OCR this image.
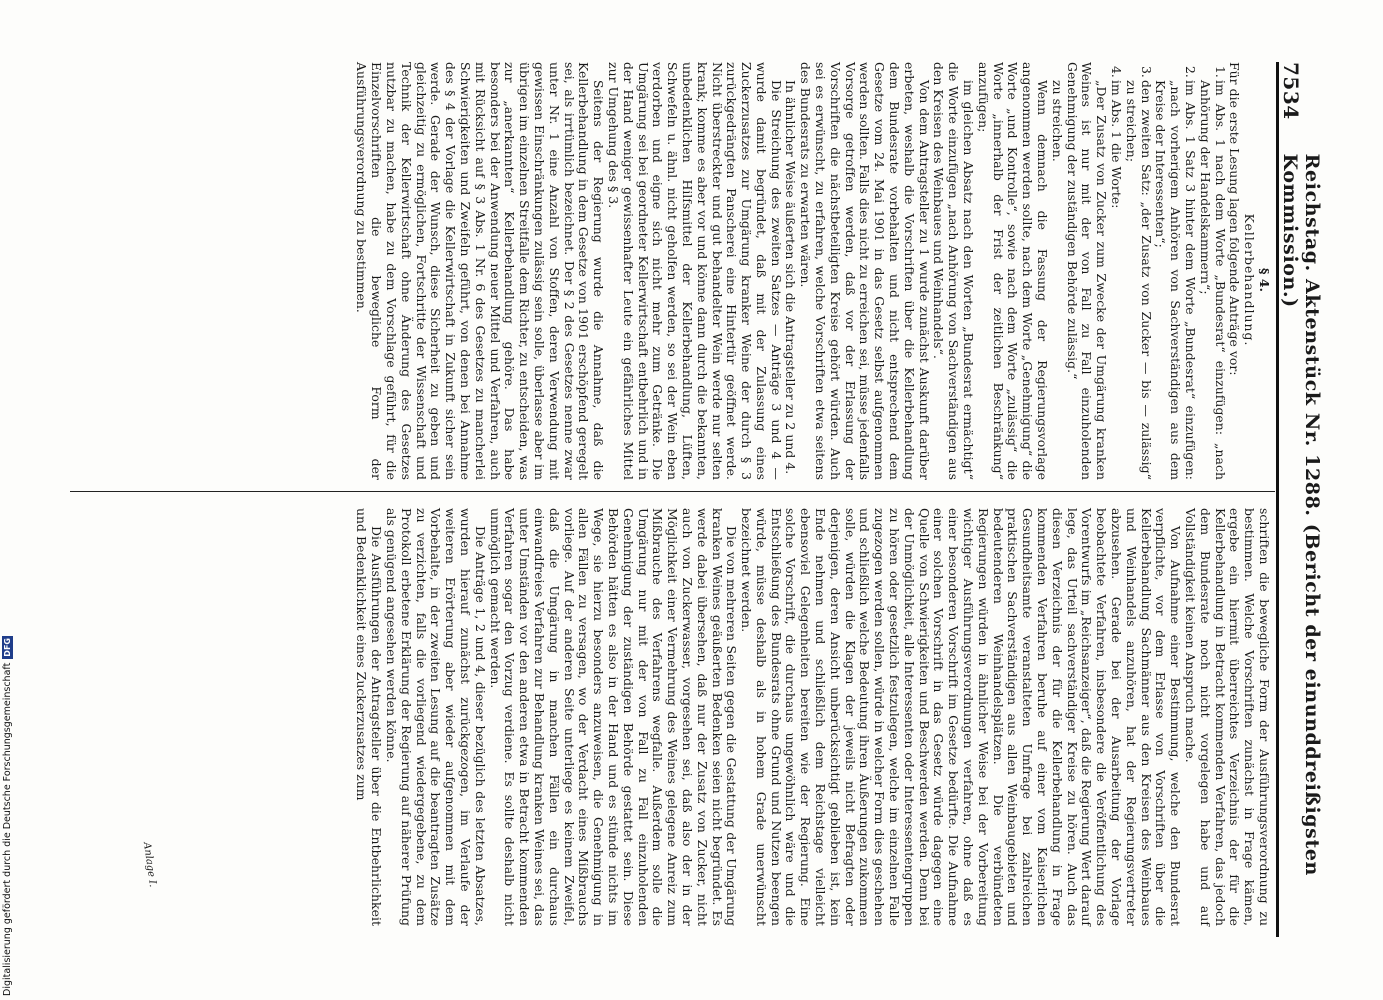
7534
Reichstag. Aktenstück Nr. 1288. (Bericht der einunddreißigsten Kommission.)

§ 4.

Kellerbehandlung.

Für die erste Lesung lagen folgende Anträge vor:

1.im Abs. 1 nach dem Worte „Bundesrat“ einzufügen: „nach Anhörung der Handelskammern“;
2.im Abs. 1 Satz 3 hinter dem Worte „Bundesrat“ einzufügen: „nach vorherigem Anhören von Sachverständigen aus dem Kreise der Interessenten“;
3.den zweiten Satz: „der Zusatz von Zucker — bis — zulässig“ zu streichen;
4.im Abs. 1 die Worte:

„Der Zusatz von Zucker zum Zwecke der Umgärung kranken Weines ist nur mit der von Fall zu Fall einzuholenden Genehmigung der zuständigen Behörde zulässig.“

zu streichen.

Wenn demnach die Fassung der Regierungsvorlage angenommen werden sollte, nach dem Worte „Genehmigung“ die Worte „und Kontrolle“, sowie nach dem Worte „zulässig“ die Worte „innerhalb der Frist der zeitlichen Beschränkung“ anzufügen;

im gleichen Absatz nach den Worten „Bundesrat ermächtigt“ die Worte einzufügen „nach Anhörung von Sachverständigen aus den Kreisen des Weinbaues und Weinhandels“.

Von dem Antragsteller zu 1 wurde zunächst Auskunft darüber erbeten, weshalb die Vorschriften über die Kellerbehandlung dem Bundesrate vorbehalten und nicht entsprechend dem Gesetze vom 24. Mai 1901 in das Gesetz selbst aufgenommen werden sollten. Falls dies nicht zu erreichen sei, müsse jedenfalls Vorsorge getroffen werden, daß vor der Erlassung der Vorschriften die nächstbeteiligten Kreise gehört würden. Auch sei es erwünscht, zu erfahren, welche Vorschriften etwa seitens des Bundesrats zu erwarten wären.

In ähnlicher Weise äußerten sich die Antragsteller zu 2 und 4.

Die Streichung des zweiten Satzes — Anträge 3 und 4 — wurde damit begründet, daß mit der Zulassung eines Zuckerzusatzes zur Umgärung kranker Weine der durch § 3 zurückgedrängten Panscherei eine Hintertür geöffnet werde. Nicht überstreckter und gut behandelter Wein werde nur selten krank; komme es aber vor und könne dann durch die bekannten, unbedenklichen Hilfsmittel der Kellerbehandlung, Lüften, Schwefeln u. ähnl. nicht geholfen werden, so sei der Wein eben verdorben und eigne sich nicht mehr zum Getränke. Die Umgärung sei bei geordneter Kellerwirtschaft entbehrlich und in der Hand weniger gewissenhafter Leute ein gefährliches Mittel zur Umgehung des § 3.

Seitens der Regierung wurde die Annahme, daß die Kellerbehandlung in dem Gesetze von 1901 erschöpfend geregelt sei, als irrtümlich bezeichnet. Der § 2 des Gesetzes nenne zwar unter Nr. 1 eine Anzahl von Stoffen, deren Verwendung mit gewissen Einschränkungen zulässig sein solle, überlasse aber im übrigen im einzelnen Streitfalle dem Richter, zu entscheiden, was zur „anerkannten“ Kellerbehandlung gehöre. Das habe besonders bei der Anwendung neuer Mittel und Verfahren, auch mit Rücksicht auf § 3 Abs. 1 Nr. 6 des Gesetzes zu mancherlei Schwierigkeiten und Zweifeln geführt, von denen bei Annahme des § 4 der Vorlage die Kellerwirtschaft in Zukunft sicher sein werde. Gerade der Wunsch, diese Sicherheit zu geben und gleichzeitig zu ermöglichen, Fortschritte der Wissenschaft und Technik der Kellerwirtschaft ohne Änderung des Gesetzes nutzbar zu machen, habe zu dem Vorschlage geführt, für die Einzelvorschriften die bewegliche Form der Ausführungsverordnung zu bestimmen.

schriften die bewegliche Form der Ausführungsverordnung zu bestimmen. Welche Vorschriften zunächst in Frage kämen, ergebe ein hiermit überreichtes Verzeichnis der für die Kellerbehandlung in Betracht kommenden Verfahren, das jedoch dem Bundesrate noch nicht vorgelegen habe und auf Vollständigkeit keinen Anspruch mache.

Von Aufnahme einer Bestimmung, welche den Bundesrat verpflichte, vor dem Erlasse von Vorschriften über die Kellerbehandlung Sachmänner aus den Kreisen des Weinbaues und Weinhandels anzuhören, hat der Regierungsvertreter abzusehen. Gerade bei der Ausarbeitung der Vorlage beobachtete Verfahren, insbesondere die Veröffentlichung des Vorentwurfs im „Reichsanzeiger“, daß die Regierung Wert darauf lege, das Urteil sachverständiger Kreise zu hören. Auch das diesen Verzeichnis der für die Kellerbehandlung in Frage kommenden Verfahren beruhe auf einer vom Kaiserlichen Gesundheitsamte veranstalteten Umfrage bei zahlreichen praktischen Sachverständigen aus allen Weinbaugebieten und bedeutenderen Weinhandelsplätzen. Die verbündeten Regierungen würden in ähnlicher Weise bei der Vorbereitung wichtiger Ausführungsverordnungen verfahren, ohne daß es einer besonderen Vorschrift im Gesetze bedürfte. Die Aufnahme einer solchen Vorschrift in das Gesetz würde dagegen eine Quelle von Schwierigkeiten und Beschwerden werden. Denn bei der Unmöglichkeit, alle Interessenten oder Interessentengruppen zu hören oder gesetzlich festzulegen, welche im einzelnen Falle zugezogen werden sollen, würde in welcher Form dies geschehen und schließlich welche Bedeutung ihren Äußerungen zukommen solle, würden die Klagen der jeweils nicht Befragten oder derjenigen, deren Ansicht unberücksichtigt geblieben ist, kein Ende nehmen und schließlich dem Reichstage vielleicht ebensoviel Gelegenheiten bereiten wie der Regierung. Eine solche Vorschrift, die durchaus ungewöhnlich wäre und die Entschließung des Bundesrats ohne Grund und Nutzen beengen würde, müsse deshalb als in hohem Grade unerwünscht bezeichnet werden.

Die von mehreren Seiten gegen die Gestattung der Umgärung kranken Weines geäußerten Bedenken seien nicht begründet. Es werde dabei übersehen, daß nur der Zusatz von Zucker, nicht auch von Zuckerwasser, vorgesehen sei, daß also der in der Möglichkeit einer Vermehrung des Weines gelegene Anreiz zum Mißbrauche des Verfahrens wegfalle. Außerdem solle die Umgärung nur mit der von Fall zu Fall einzuholenden Genehmigung der zuständigen Behörde gestattet sein. Diese Behörden hätten es also in der Hand und es stünde nichts im Wege, sie hierzu besonders anzuweisen, die Genehmigung in allen Fällen zu versagen, wo der Verdacht eines Mißbrauchs vorliege. Auf der anderen Seite unterliege es keinem Zweifel, daß die Umgärung in manchen Fällen ein durchaus einwandfreies Verfahren zur Behandlung kranken Weines sei, das unter Umständen vor den anderen etwa in Betracht kommenden Verfahren sogar den Vorzug verdiene. Es sollte deshalb nicht unmöglich gemacht werden.

Die Anträge 1, 2 und 4, dieser bezüglich des letzten Absatzes, wurden hierauf zunächst zurückgezogen, im Verlaufe der weiteren Erörterung aber wieder aufgenommen mit dem Vorbehalte, in der zweiten Lesung auf die beantragten Zusätze zu verzichten, falls die vorliegend wiedergegebene, zu dem Protokoll erbetene Erklärung der Regierung auf näherer Prüfung als genügend angesehen werden könne.

Die Ausführungen der Antragsteller über die Entbehrlichkeit und Bedenklichkeit eines Zuckerzusatzes zum

Anlage I.
Digitalisierung gefördert durch die Deutsche Forschungsgemeinschaft
DFG
